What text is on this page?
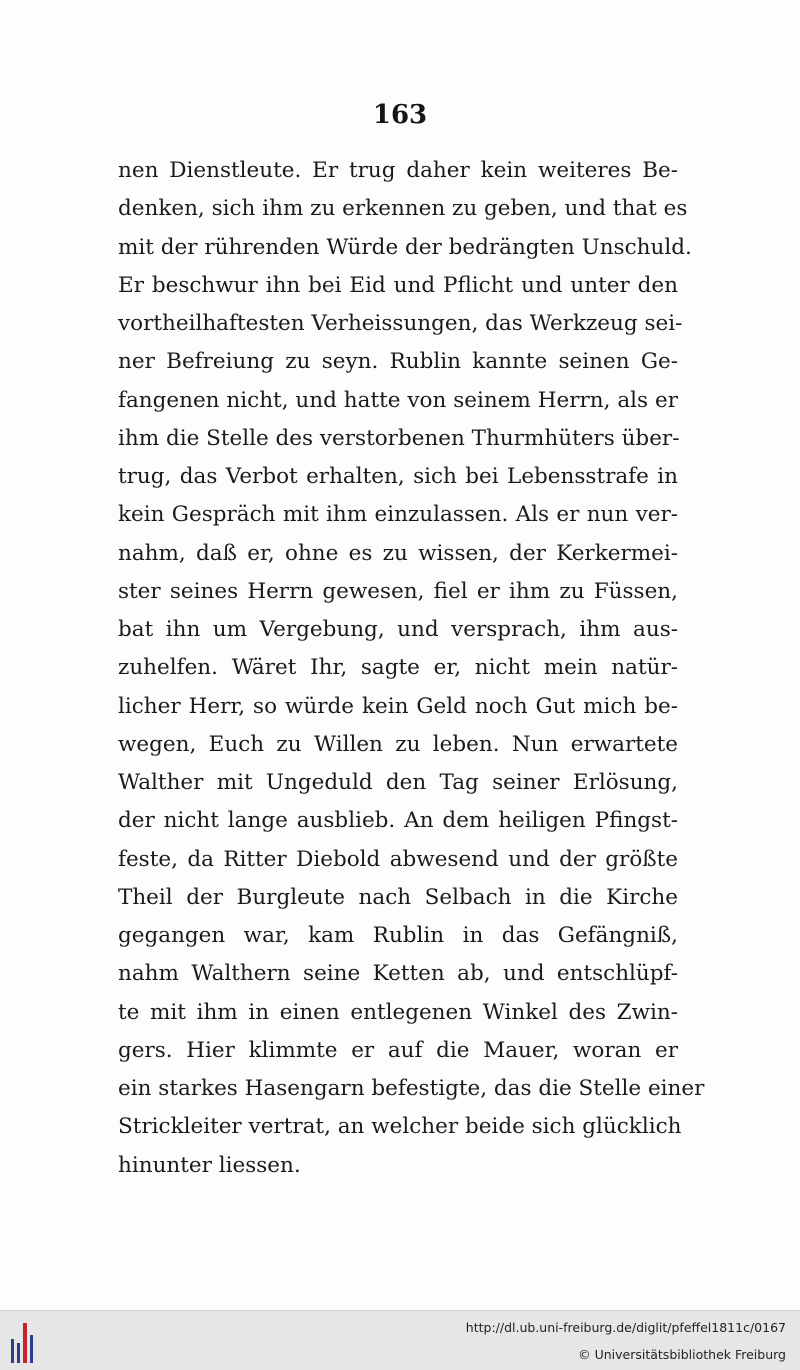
163
nen Dienstleute. Er trug daher kein weiteres Be-
denken, sich ihm zu erkennen zu geben, und that es
mit der rührenden Würde der bedrängten Unschuld.
Er beschwur ihn bei Eid und Pflicht und unter den
vortheilhaftesten Verheissungen, das Werkzeug sei-
ner Befreiung zu seyn. Rublin kannte seinen Ge-
fangenen nicht, und hatte von seinem Herrn, als er
ihm die Stelle des verstorbenen Thurmhüters über-
trug, das Verbot erhalten, sich bei Lebensstrafe in
kein Gespräch mit ihm einzulassen. Als er nun ver-
nahm, daß er, ohne es zu wissen, der Kerkermei-
ster seines Herrn gewesen, fiel er ihm zu Füssen,
bat ihn um Vergebung, und versprach, ihm aus-
zuhelfen. Wäret Ihr, sagte er, nicht mein natür-
licher Herr, so würde kein Geld noch Gut mich be-
wegen, Euch zu Willen zu leben. Nun erwartete
Walther mit Ungeduld den Tag seiner Erlösung,
der nicht lange ausblieb. An dem heiligen Pfingst-
feste, da Ritter Diebold abwesend und der größte
Theil der Burgleute nach Selbach in die Kirche
gegangen war, kam Rublin in das Gefängniß,
nahm Walthern seine Ketten ab, und entschlüpf-
te mit ihm in einen entlegenen Winkel des Zwin-
gers. Hier klimmte er auf die Mauer, woran er
ein starkes Hasengarn befestigte, das die Stelle einer
Strickleiter vertrat, an welcher beide sich glücklich
hinunter liessen.
http://dl.ub.uni-freiburg.de/diglit/pfeffel1811c/0167
© Universitätsbibliothek Freiburg
